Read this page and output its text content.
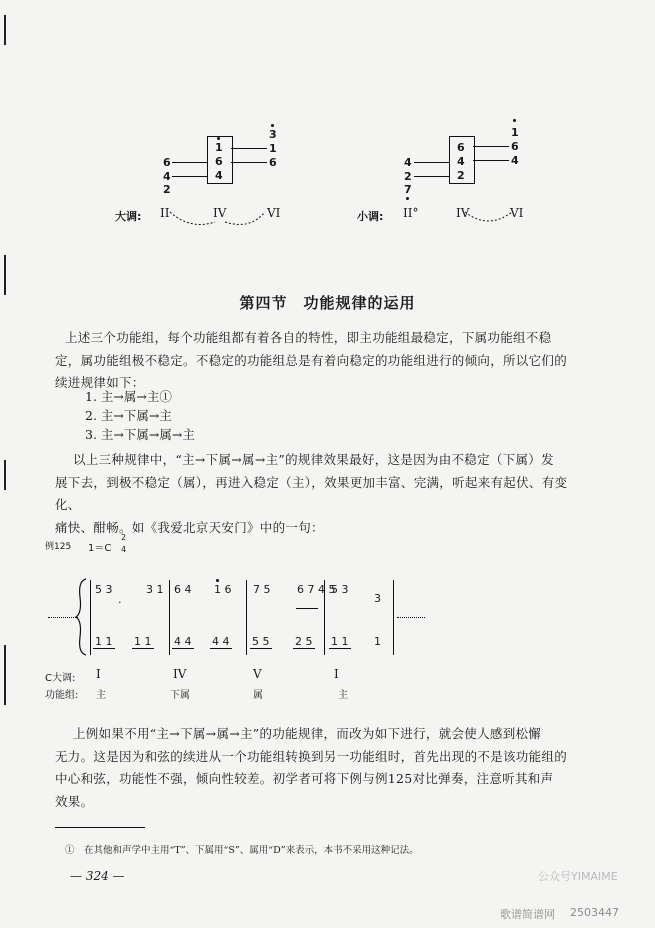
1
6
4
6
4
2
3
1
6
大调: II	IV	VI
6
4
2
4
2
7
1
6
4
小调: II°	IV	VI
第四节　功能规律的运用

上述三个功能组，每个功能组都有着各自的特性，即主功能组最稳定，下属功能组不稳

定，属功能组极不稳定。不稳定的功能组总是有着向稳定的功能组进行的倾向，所以它们的

续进规律如下：

1. 主→属→主①
2. 主→下属→主
3. 主→下属→属→主

以上三种规律中，“主→下属→属→主”的规律效果最好，这是因为由不稳定（下属）发

展下去，到极不稳定（属），再进入稳定（主），效果更加丰富、完满，听起来有起伏、有变化、

痛快、酣畅。如《我爱北京天安门》中的一句：

例125 1＝C
2
4
5 3
·
3 1 6 4 1 6 7 5 6 7 4 5
5 3
3
1 1 1 1 4 4 4 4 5 5 2 5 1 1 1
C大调:
功能组:
I	IV	V	I
主	下属	属	主

上例如果不用“主→下属→属→主”的功能规律，而改为如下进行，就会使人感到松懈

无力。这是因为和弦的续进从一个功能组转换到另一功能组时，首先出现的不是该功能组的

中心和弦，功能性不强，倾向性较差。初学者可将下例与例125对比弹奏，注意听其和声

效果。

①　在其他和声学中主用“T”、下属用“S”、属用“D”来表示，本书不采用这种记法。
— 324 —	公众号YIMAIME
歌谱简谱网 2503447
